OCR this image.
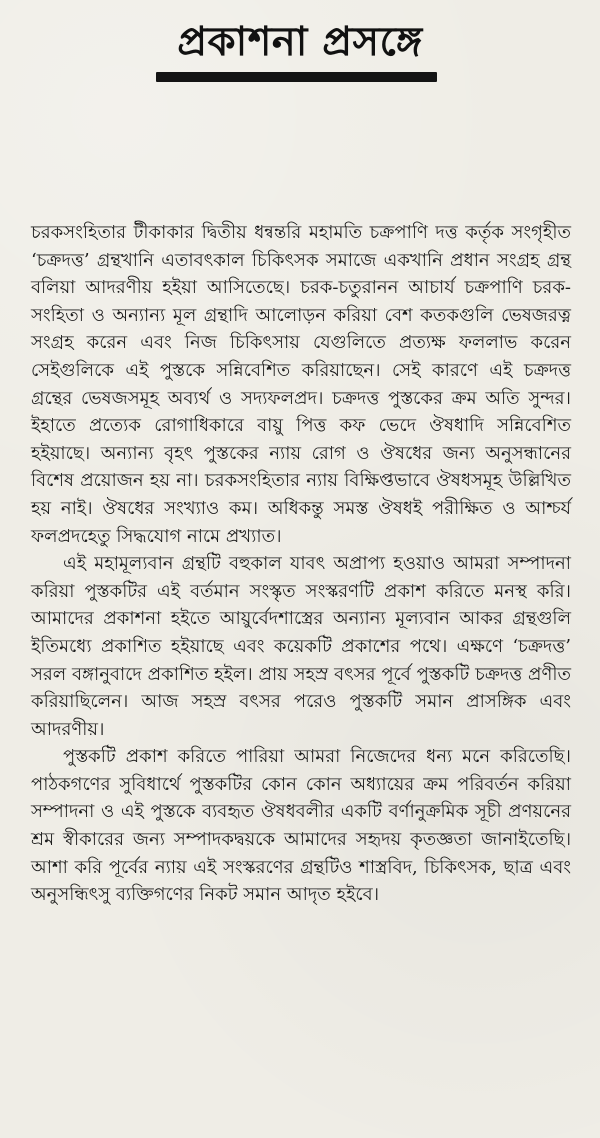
প্রকাশনা প্রসঙ্গে

চরকসংহিতার টীকাকার দ্বিতীয় ধন্বন্তরি মহামতি চক্রপাণি দত্ত কর্তৃক সংগৃহীত ‘চক্রদত্ত’ গ্রন্থখানি এতাবৎকাল চিকিৎসক সমাজে একখানি প্রধান সংগ্রহ গ্রন্থ বলিয়া আদরণীয় হইয়া আসিতেছে। চরক-চতুরানন আচার্য চক্রপাণি চরক-সংহিতা ও অন্যান্য মূল গ্রন্থাদি আলোড়ন করিয়া বেশ কতকগুলি ভেষজরত্ন সংগ্রহ করেন এবং নিজ চিকিৎসায় যেগুলিতে প্রত্যক্ষ ফললাভ করেন সেইগুলিকে এই পুস্তকে সন্নিবেশিত করিয়াছেন। সেই কারণে এই চক্রদত্ত গ্রন্থের ভেষজসমূহ অব্যর্থ ও সদ্যফলপ্রদ। চক্রদত্ত পুস্তকের ক্রম অতি সুন্দর। ইহাতে প্রত্যেক রোগাধিকারে বায়ু পিত্ত কফ ভেদে ঔষধাদি সন্নিবেশিত হইয়াছে। অন্যান্য বৃহৎ পুস্তকের ন্যায় রোগ ও ঔষধের জন্য অনুসন্ধানের বিশেষ প্রয়োজন হয় না। চরকসংহিতার ন্যায় বিক্ষিপ্তভাবে ঔষধসমূহ উল্লিখিত হয় নাই। ঔষধের সংখ্যাও কম। অধিকন্তু সমস্ত ঔষধই পরীক্ষিত ও আশ্চর্য ফলপ্রদহেতু সিদ্ধযোগ নামে প্রখ্যাত।

এই মহামূল্যবান গ্রন্থটি বহুকাল যাবৎ অপ্রাপ্য হওয়াও আমরা সম্পাদনা করিয়া পুস্তকটির এই বর্তমান সংস্কৃত সংস্করণটি প্রকাশ করিতে মনস্থ করি। আমাদের প্রকাশনা হইতে আয়ুর্বেদশাস্ত্রের অন্যান্য মূল্যবান আকর গ্রন্থগুলি ইতিমধ্যে প্রকাশিত হইয়াছে এবং কয়েকটি প্রকাশের পথে। এক্ষণে ‘চক্রদত্ত’ সরল বঙ্গানুবাদে প্রকাশিত হইল। প্রায় সহস্র বৎসর পূর্বে পুস্তকটি চক্রদত্ত প্রণীত করিয়াছিলেন। আজ সহস্র বৎসর পরেও পুস্তকটি সমান প্রাসঙ্গিক এবং আদরণীয়।

পুস্তকটি প্রকাশ করিতে পারিয়া আমরা নিজেদের ধন্য মনে করিতেছি। পাঠকগণের সুবিধার্থে পুস্তকটির কোন কোন অধ্যায়ের ক্রম পরিবর্তন করিয়া সম্পাদনা ও এই পুস্তকে ব্যবহৃত ঔষধবলীর একটি বর্ণানুক্রমিক সূচী প্রণয়নের শ্রম স্বীকারের জন্য সম্পাদকদ্বয়কে আমাদের সহৃদয় কৃতজ্ঞতা জানাইতেছি। আশা করি পূর্বের ন্যায় এই সংস্করণের গ্রন্থটিও শাস্ত্রবিদ, চিকিৎসক, ছাত্র এবং অনুসন্ধিৎসু ব্যক্তিগণের নিকট সমান আদৃত হইবে।
